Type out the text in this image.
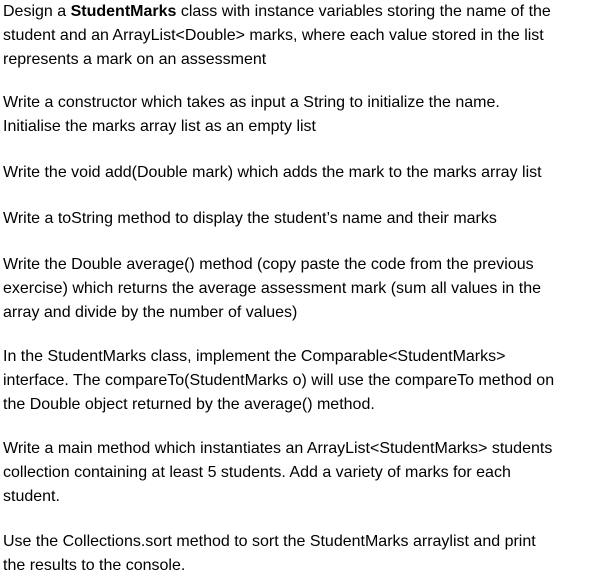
Design a StudentMarks class with instance variables storing the name of the
student and an ArrayList<Double> marks, where each value stored in the list
represents a mark on an assessment

Write a constructor which takes as input a String to initialize the name.
Initialise the marks array list as an empty list

Write the void add(Double mark) which adds the mark to the marks array list

Write a toString method to display the student’s name and their marks

Write the Double average() method (copy paste the code from the previous
exercise) which returns the average assessment mark (sum all values in the
array and divide by the number of values)

In the StudentMarks class, implement the Comparable<StudentMarks>
interface. The compareTo(StudentMarks o) will use the compareTo method on
the Double object returned by the average() method.

Write a main method which instantiates an ArrayList<StudentMarks> students
collection containing at least 5 students. Add a variety of marks for each
student.

Use the Collections.sort method to sort the StudentMarks arraylist and print
the results to the console.
